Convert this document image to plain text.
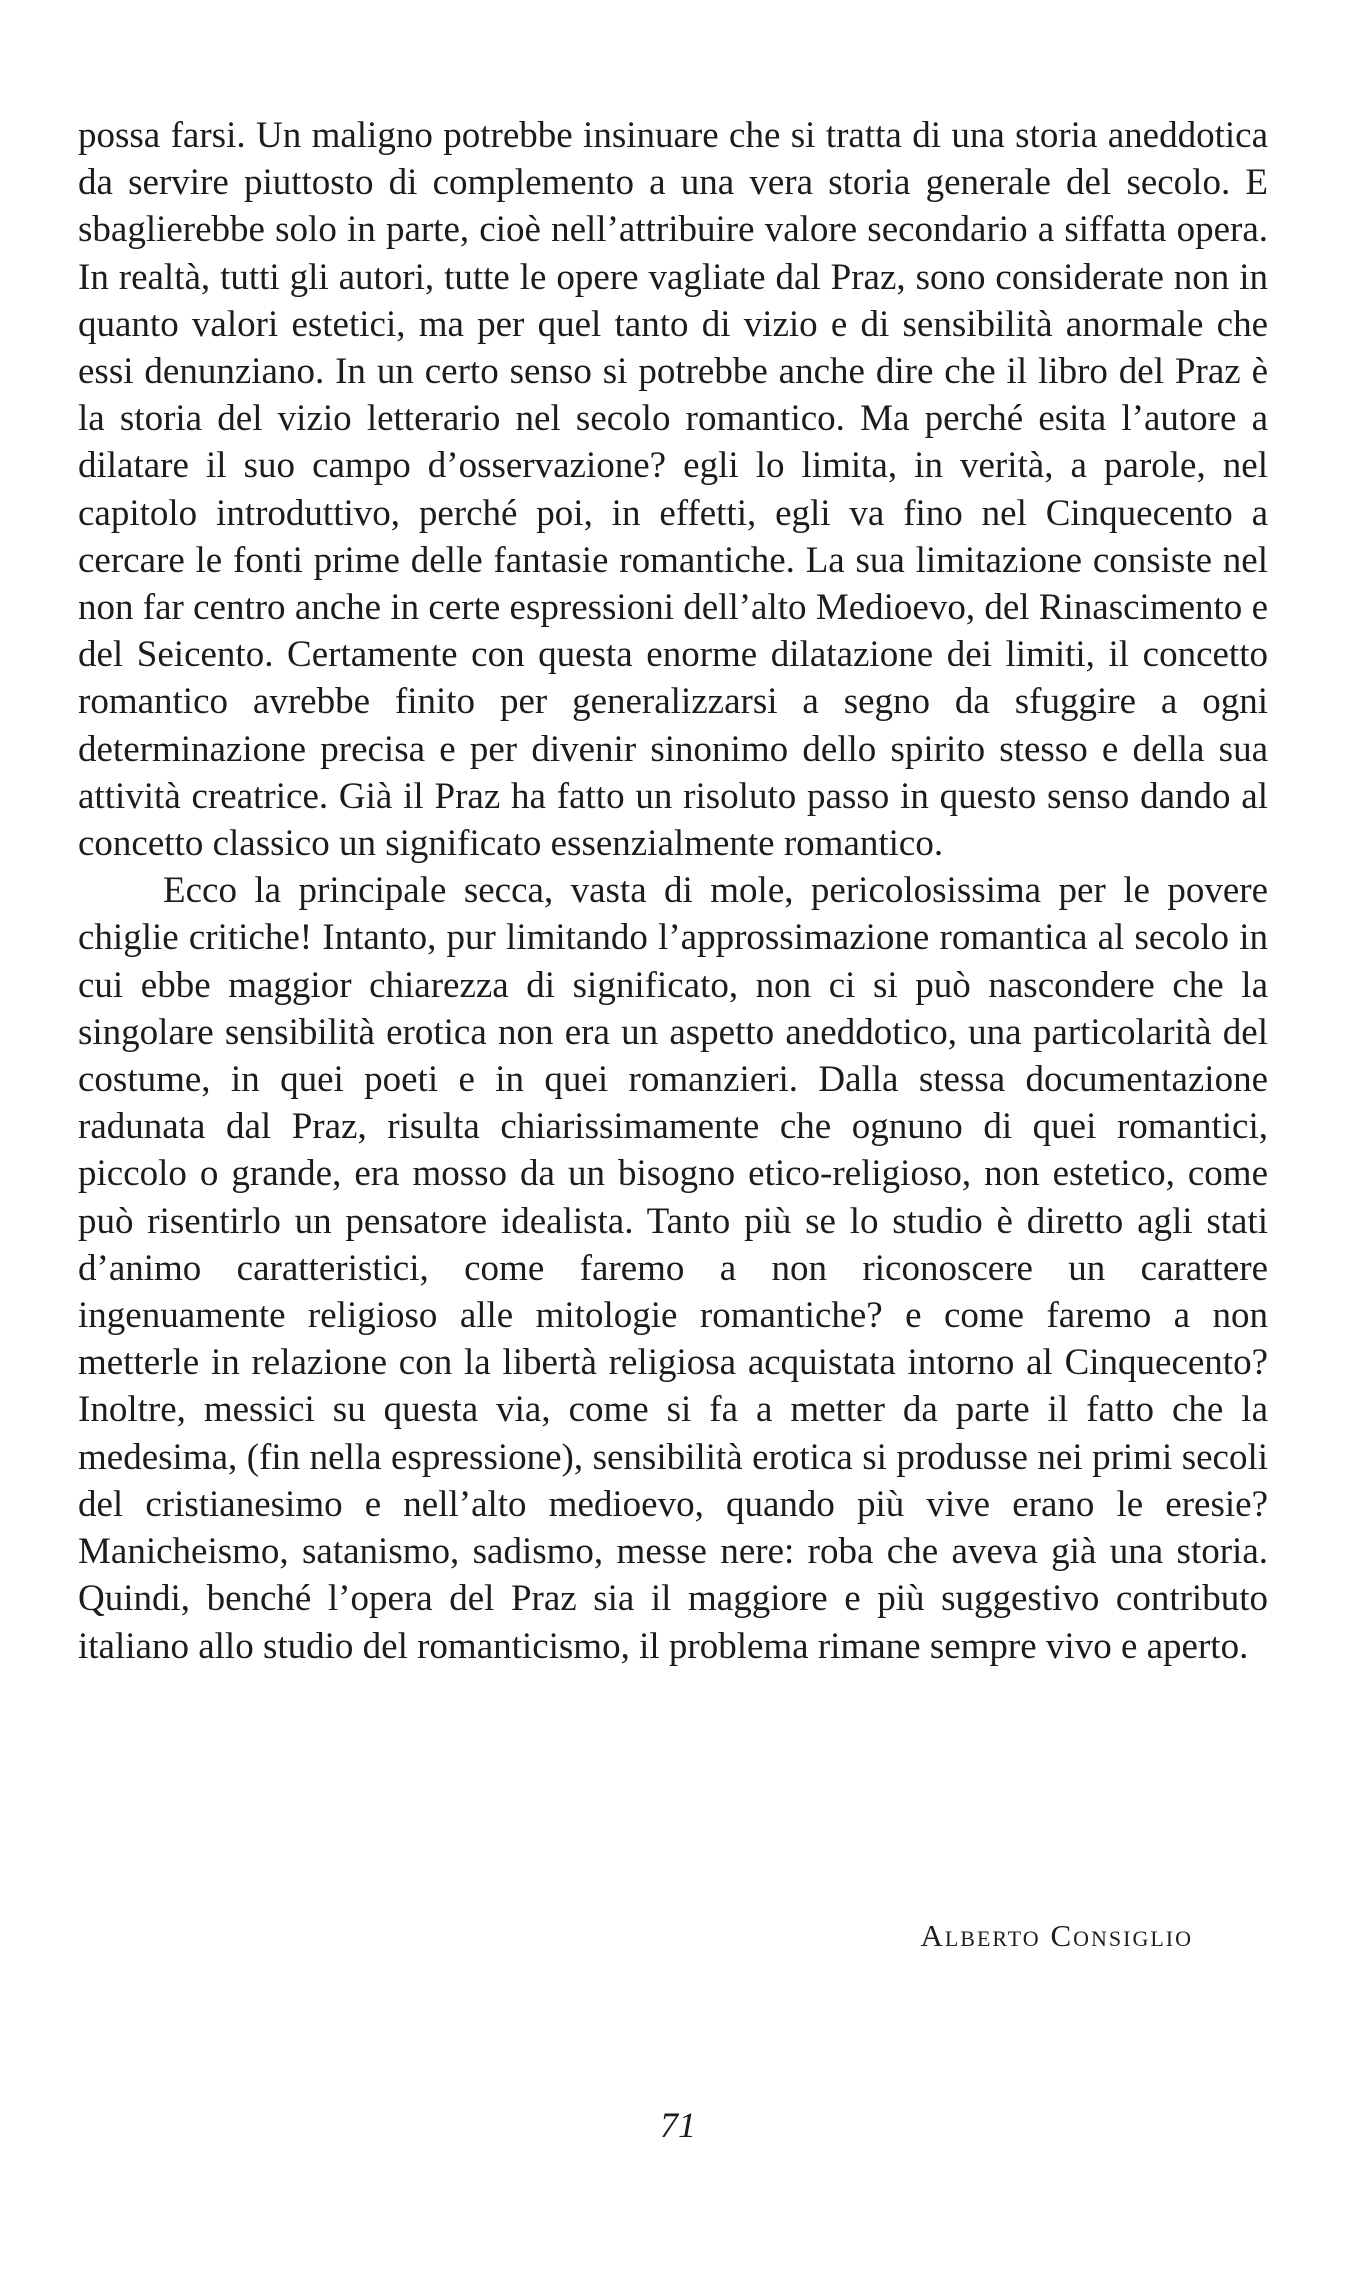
possa farsi. Un maligno potrebbe insinuare che si tratta di una storia aneddotica da servire piuttosto di complemento a una vera storia generale del secolo. E sbaglierebbe solo in parte, cioè nell’attribuire valore secondario a siffatta opera. In realtà, tutti gli autori, tutte le opere vagliate dal Praz, sono considerate non in quanto valori estetici, ma per quel tanto di vizio e di sensibilità anormale che essi denunziano. In un certo senso si potrebbe anche dire che il libro del Praz è la storia del vizio letterario nel secolo romantico. Ma perché esita l’autore a dilatare il suo campo d’osservazione? egli lo limita, in verità, a parole, nel capitolo introduttivo, perché poi, in effetti, egli va fino nel Cinquecento a cercare le fonti prime delle fantasie romantiche. La sua limitazione consiste nel non far centro anche in certe espressioni dell’alto Medioevo, del Rinascimento e del Seicento. Certamente con questa enorme dilatazione dei limiti, il concetto romantico avrebbe finito per generalizzarsi a segno da sfuggire a ogni determinazione precisa e per divenir sinonimo dello spirito stesso e della sua attività creatrice. Già il Praz ha fatto un risoluto passo in questo senso dando al concetto classico un significato essenzialmente romantico.

Ecco la principale secca, vasta di mole, pericolosissima per le povere chiglie critiche! Intanto, pur limitando l’approssimazione romantica al secolo in cui ebbe maggior chiarezza di significato, non ci si può nascondere che la singolare sensibilità erotica non era un aspetto aneddotico, una particolarità del costume, in quei poeti e in quei romanzieri. Dalla stessa documentazione radunata dal Praz, risulta chiarissimamente che ognuno di quei romantici, piccolo o grande, era mosso da un bisogno etico-religioso, non estetico, come può risentirlo un pensatore idealista. Tanto più se lo studio è diretto agli stati d’animo caratteristici, come faremo a non riconoscere un carattere ingenuamente religioso alle mitologie romantiche? e come faremo a non metterle in relazione con la libertà religiosa acquistata intorno al Cinquecento? Inoltre, messici su questa via, come si fa a metter da parte il fatto che la medesima, (fin nella espressione), sensibilità erotica si produsse nei primi secoli del cristianesimo e nell’alto medioevo, quando più vive erano le eresie? Manicheismo, satanismo, sadismo, messe nere: roba che aveva già una storia. Quindi, benché l’opera del Praz sia il maggiore e più suggestivo contributo italiano allo studio del romanticismo, il problema rimane sempre vivo e aperto.

Alberto Consiglio
71
